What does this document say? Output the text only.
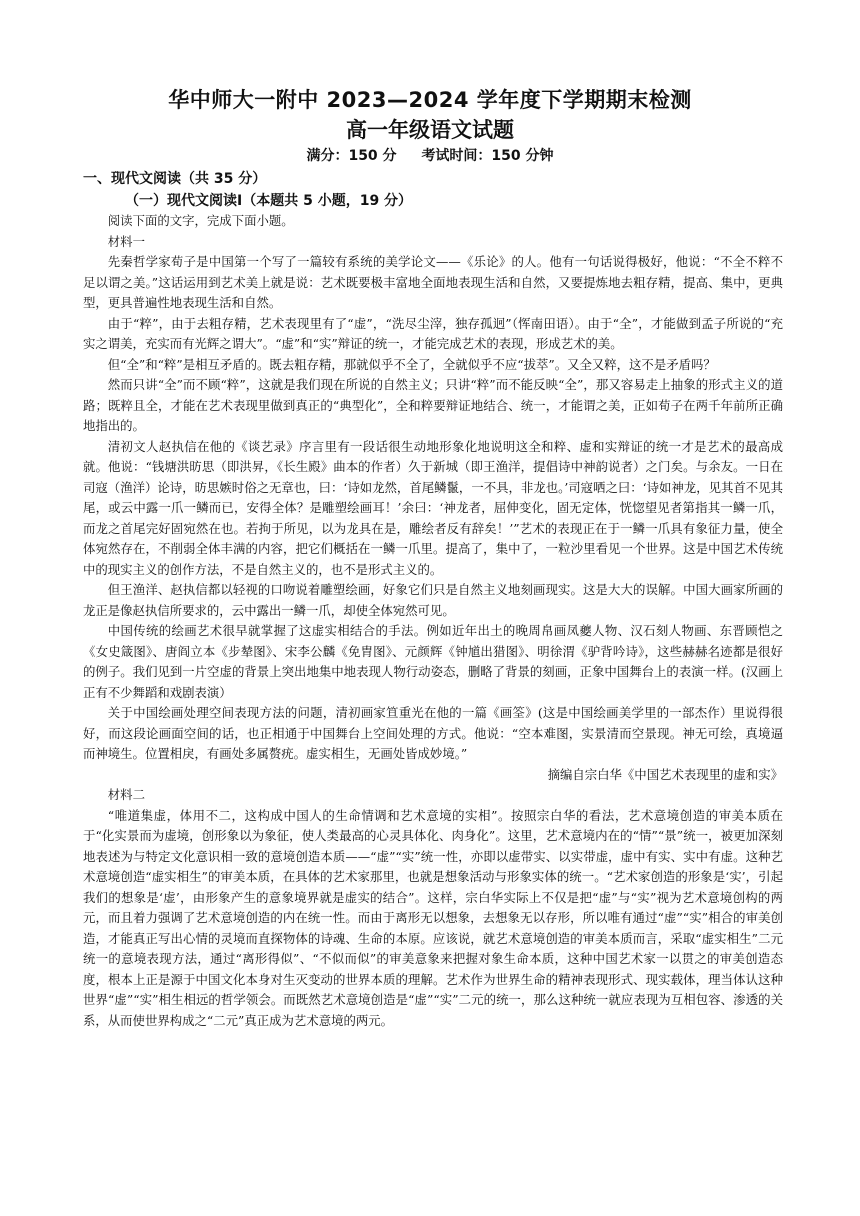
华中师大一附中 2023—2024 学年度下学期期末检测
高一年级语文试题
满分：150 分 考试时间：150 分钟
一、现代文阅读（共 35 分）
（一）现代文阅读Ⅰ（本题共 5 小题，19 分）

阅读下面的文字，完成下面小题。

材料一

先秦哲学家荀子是中国第一个写了一篇较有系统的美学论文——《乐论》的人。他有一句话说得极好，他说：“不全不粹不足以谓之美。”这话运用到艺术美上就是说：艺术既要极丰富地全面地表现生活和自然，又要提炼地去粗存精，提高、集中，更典型，更具普遍性地表现生活和自然。

由于“粹”，由于去粗存精，艺术表现里有了“虚”，“洗尽尘滓，独存孤迥”（恽南田语）。由于“全”，才能做到孟子所说的“充实之谓美，充实而有光辉之谓大”。“虚”和“实”辩证的统一，才能完成艺术的表现，形成艺术的美。

但“全”和“粹”是相互矛盾的。既去粗存精，那就似乎不全了，全就似乎不应“拔萃”。又全又粹，这不是矛盾吗？

然而只讲“全”而不顾“粹”，这就是我们现在所说的自然主义；只讲“粹”而不能反映“全”，那又容易走上抽象的形式主义的道路；既粹且全，才能在艺术表现里做到真正的“典型化”，全和粹要辩证地结合、统一，才能谓之美，正如荀子在两千年前所正确地指出的。

清初文人赵执信在他的《谈艺录》序言里有一段话很生动地形象化地说明这全和粹、虚和实辩证的统一才是艺术的最高成就。他说：“钱塘洪昉思（即洪昇，《长生殿》曲本的作者）久于新城（即王渔洋，提倡诗中神韵说者）之门矣。与余友。一日在司寇（渔洋）论诗，昉思嫉时俗之无章也，曰：‘诗如龙然，首尾鳞鬣，一不具，非龙也。’司寇哂之曰：‘诗如神龙，见其首不见其尾，或云中露一爪一鳞而已，安得全体？是雕塑绘画耳！’余曰：‘神龙者，屈伸变化，固无定体，恍惚望见者第指其一鳞一爪，而龙之首尾完好固宛然在也。若拘于所见，以为龙具在是，雕绘者反有辞矣！’”艺术的表现正在于一鳞一爪具有象征力量，使全体宛然存在，不削弱全体丰满的内容，把它们概括在一鳞一爪里。提高了，集中了，一粒沙里看见一个世界。这是中国艺术传统中的现实主义的创作方法，不是自然主义的，也不是形式主义的。

但王渔洋、赵执信都以轻视的口吻说着雕塑绘画，好象它们只是自然主义地刻画现实。这是大大的误解。中国大画家所画的龙正是像赵执信所要求的，云中露出一鳞一爪，却使全体宛然可见。

中国传统的绘画艺术很早就掌握了这虚实相结合的手法。例如近年出土的晚周帛画凤夔人物、汉石刻人物画、东晋顾恺之《女史箴图》、唐阎立本《步辇图》、宋李公麟《免胄图》、元颜辉《钟馗出猎图》、明徐渭《驴背吟诗》，这些赫赫名迹都是很好的例子。我们见到一片空虚的背景上突出地集中地表现人物行动姿态，删略了背景的刻画，正象中国舞台上的表演一样。(汉画上正有不少舞蹈和戏剧表演）

关于中国绘画处理空间表现方法的问题，清初画家笪重光在他的一篇《画筌》(这是中国绘画美学里的一部杰作）里说得很好，而这段论画面空间的话，也正相通于中国舞台上空间处理的方式。他说：“空本难图，实景清而空景现。神无可绘，真境逼而神境生。位置相戾，有画处多属赘疣。虚实相生，无画处皆成妙境。”

摘编自宗白华《中国艺术表现里的虚和实》

材料二

“唯道集虚，体用不二，这构成中国人的生命情调和艺术意境的实相”。按照宗白华的看法，艺术意境创造的审美本质在于“化实景而为虚境，创形象以为象征，使人类最高的心灵具体化、肉身化”。这里，艺术意境内在的“情”“景”统一，被更加深刻地表述为与特定文化意识相一致的意境创造本质——“虚”“实”统一性，亦即以虚带实、以实带虚，虚中有实、实中有虚。这种艺术意境创造“虚实相生”的审美本质，在具体的艺术家那里，也就是想象活动与形象实体的统一。“艺术家创造的形象是‘实’，引起我们的想象是‘虚’，由形象产生的意象境界就是虚实的结合”。这样，宗白华实际上不仅是把“虚”与“实”视为艺术意境创构的两元，而且着力强调了艺术意境创造的内在统一性。而由于离形无以想象，去想象无以存形，所以唯有通过“虚”“实”相合的审美创造，才能真正写出心情的灵境而直探物体的诗魂、生命的本原。应该说，就艺术意境创造的审美本质而言，采取“虚实相生”二元统一的意境表现方法，通过“离形得似”、“不似而似”的审美意象来把握对象生命本质，这种中国艺术家一以贯之的审美创造态度，根本上正是源于中国文化本身对生灭变动的世界本质的理解。艺术作为世界生命的精神表现形式、现实载体，理当体认这种世界“虚”“实”相生相远的哲学领会。而既然艺术意境创造是“虚”“实”二元的统一，那么这种统一就应表现为互相包容、渗透的关系，从而使世界构成之“二元”真正成为艺术意境的两元。
